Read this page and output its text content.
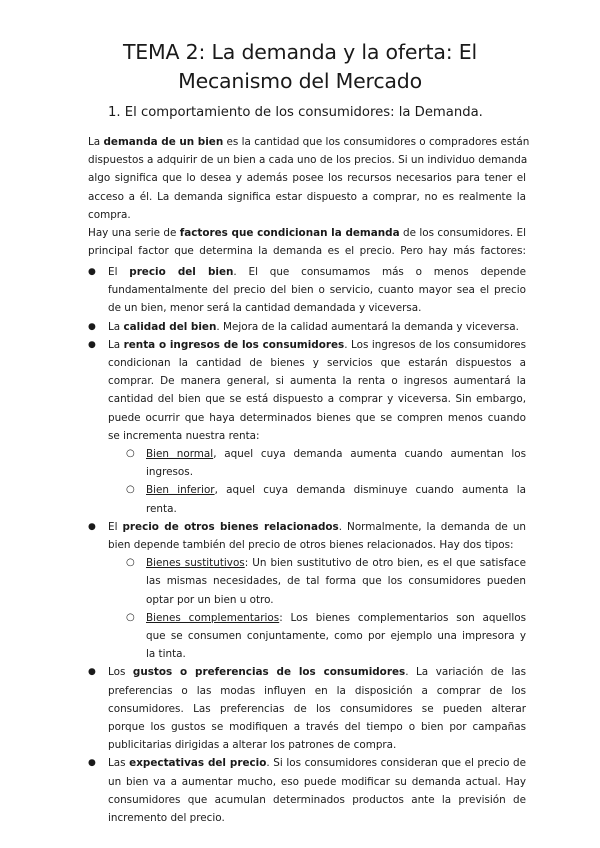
TEMA 2: La demanda y la oferta: El
Mecanismo del Mercado
1. El comportamiento de los consumidores: la Demanda.

La demanda de un bien es la cantidad que los consumidores o compradores están
dispuestos a adquirir de un bien a cada uno de los precios. Si un individuo demanda
algo significa que lo desea y además posee los recursos necesarios para tener el
acceso a él. La demanda significa estar dispuesto a comprar, no es realmente la
compra.

Hay una serie de factores que condicionan la demanda de los consumidores. El
principal factor que determina la demanda es el precio. Pero hay más factores:

● El precio del bien. El que consumamos más o menos depende
fundamentalmente del precio del bien o servicio, cuanto mayor sea el precio
de un bien, menor será la cantidad demandada y viceversa.
● La calidad del bien. Mejora de la calidad aumentará la demanda y viceversa.
● La renta o ingresos de los consumidores. Los ingresos de los consumidores
condicionan la cantidad de bienes y servicios que estarán dispuestos a
comprar. De manera general, si aumenta la renta o ingresos aumentará la
cantidad del bien que se está dispuesto a comprar y viceversa. Sin embargo,
puede ocurrir que haya determinados bienes que se compren menos cuando
se incrementa nuestra renta:
○ Bien normal, aquel cuya demanda aumenta cuando aumentan los
ingresos.
○ Bien inferior, aquel cuya demanda disminuye cuando aumenta la
renta.
● El precio de otros bienes relacionados. Normalmente, la demanda de un
bien depende también del precio de otros bienes relacionados. Hay dos tipos:
○ Bienes sustitutivos: Un bien sustitutivo de otro bien, es el que satisface
las mismas necesidades, de tal forma que los consumidores pueden
optar por un bien u otro.
○ Bienes complementarios: Los bienes complementarios son aquellos
que se consumen conjuntamente, como por ejemplo una impresora y
la tinta.
● Los gustos o preferencias de los consumidores. La variación de las
preferencias o las modas influyen en la disposición a comprar de los
consumidores. Las preferencias de los consumidores se pueden alterar
porque los gustos se modifiquen a través del tiempo o bien por campañas
publicitarias dirigidas a alterar los patrones de compra.
● Las expectativas del precio. Si los consumidores consideran que el precio de
un bien va a aumentar mucho, eso puede modificar su demanda actual. Hay
consumidores que acumulan determinados productos ante la previsión de
incremento del precio.
